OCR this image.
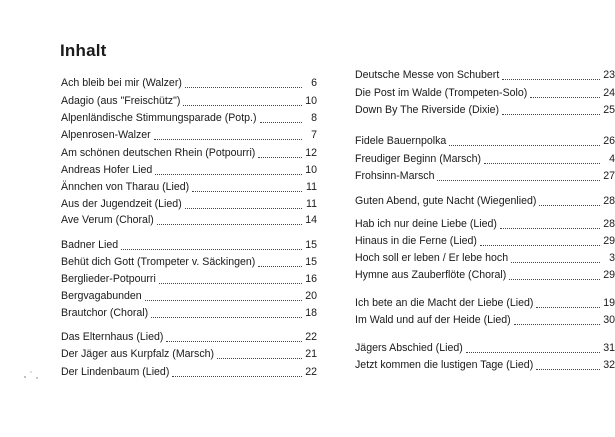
Inhalt
Ach bleib bei mir (Walzer)	6
Adagio (aus "Freischütz")	10
Alpenländische Stimmungsparade (Potp.)	8
Alpenrosen-Walzer	7
Am schönen deutschen Rhein (Potpourri)	12
Andreas Hofer Lied	10
Ännchen von Tharau (Lied)	11
Aus der Jugendzeit (Lied)	11
Ave Verum (Choral)	14
Badner Lied	15
Behüt dich Gott (Trompeter v. Säckingen)	15
Berglieder-Potpourri	16
Bergvagabunden	20
Brautchor (Choral)	18
Das Elternhaus (Lied)	22
Der Jäger aus Kurpfalz (Marsch)	21
Der Lindenbaum (Lied)	22
Deutsche Messe von Schubert	23
Die Post im Walde (Trompeten-Solo)	24
Down By The Riverside (Dixie)	25
Fidele Bauernpolka	26
Freudiger Beginn (Marsch)	4
Frohsinn-Marsch	27
Guten Abend, gute Nacht (Wiegenlied)	28
Hab ich nur deine Liebe (Lied)	28
Hinaus in die Ferne (Lied)	29
Hoch soll er leben / Er lebe hoch	3
Hymne aus Zauberflöte (Choral)	29
Ich bete an die Macht der Liebe (Lied)	19
Im Wald und auf der Heide (Lied)	30
Jägers Abschied (Lied)	31
Jetzt kommen die lustigen Tage (Lied)	32
